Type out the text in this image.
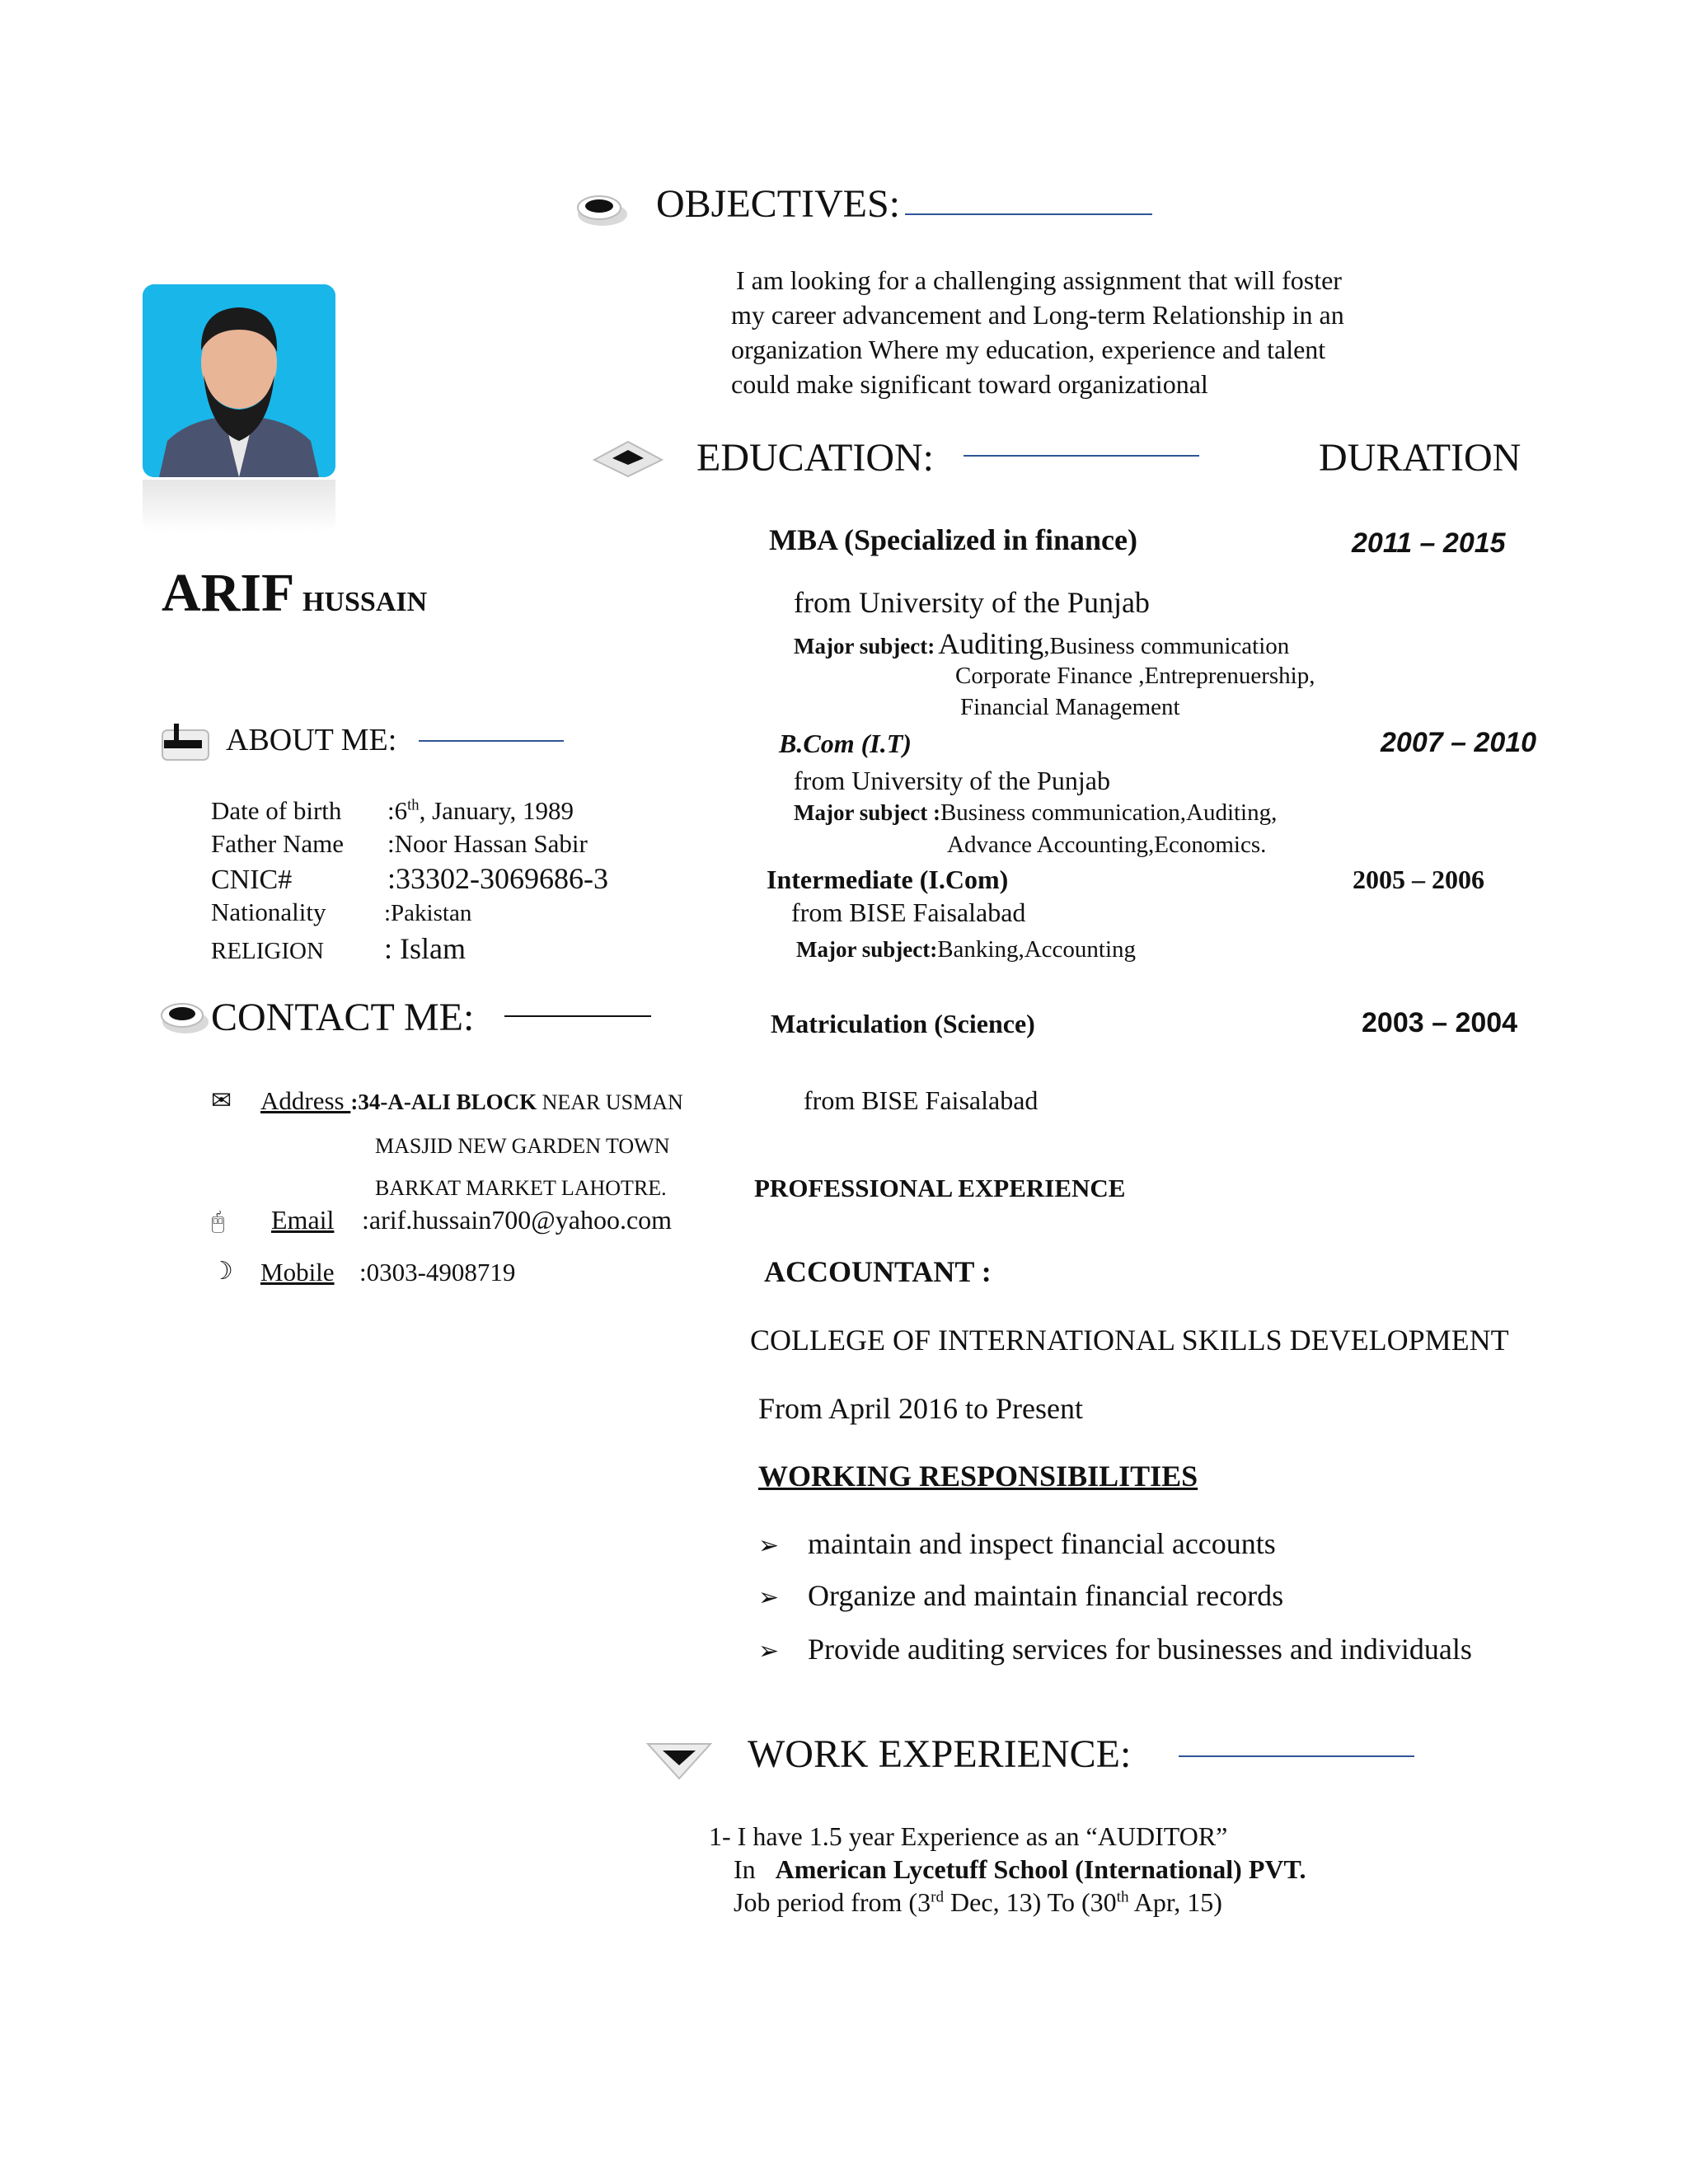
OBJECTIVES:
I am looking for a challenging assignment that will foster
my career advancement and Long-term Relationship in an
organization Where my education, experience and talent
could make significant toward organizational
ARIF HUSSAIN
EDUCATION:	DURATION
MBA (Specialized in finance)	2011 – 2015
from University of the Punjab
Major subject: Auditing,Business communication
Corporate Finance ,Entreprenuership,
Financial Management
B.Com (I.T)	2007 – 2010
from University of the Punjab
Major subject :Business communication,Auditing,
Advance Accounting,Economics.
Intermediate (I.Com)	2005 – 2006
from BISE Faisalabad
Major subject:Banking,Accounting
Matriculation (Science)	2003 – 2004
from BISE Faisalabad
ABOUT ME:
Date of birth :6th, January, 1989
Father Name :Noor Hassan Sabir
CNIC#	:33302-3069686-3
Nationality :Pakistan
RELIGION : Islam
CONTACT ME:
✉ Address :34-A-ALI BLOCK NEAR USMAN
MASJID NEW GARDEN TOWN
BARKAT MARKET LAHOTRE.
🖰 Email :arif.hussain700@yahoo.com
☽ Mobile :0303-4908719
PROFESSIONAL EXPERIENCE
ACCOUNTANT :
COLLEGE OF INTERNATIONAL SKILLS DEVELOPMENT
From April 2016 to Present
WORKING RESPONSIBILITIES
➢ maintain and inspect financial accounts
➢ Organize and maintain financial records
➢ Provide auditing services for businesses and individuals
WORK EXPERIENCE:
1- I have 1.5 year Experience as an “AUDITOR”
In   American Lycetuff School (International) PVT.
Job period from (3rd Dec, 13) To (30th Apr, 15)
